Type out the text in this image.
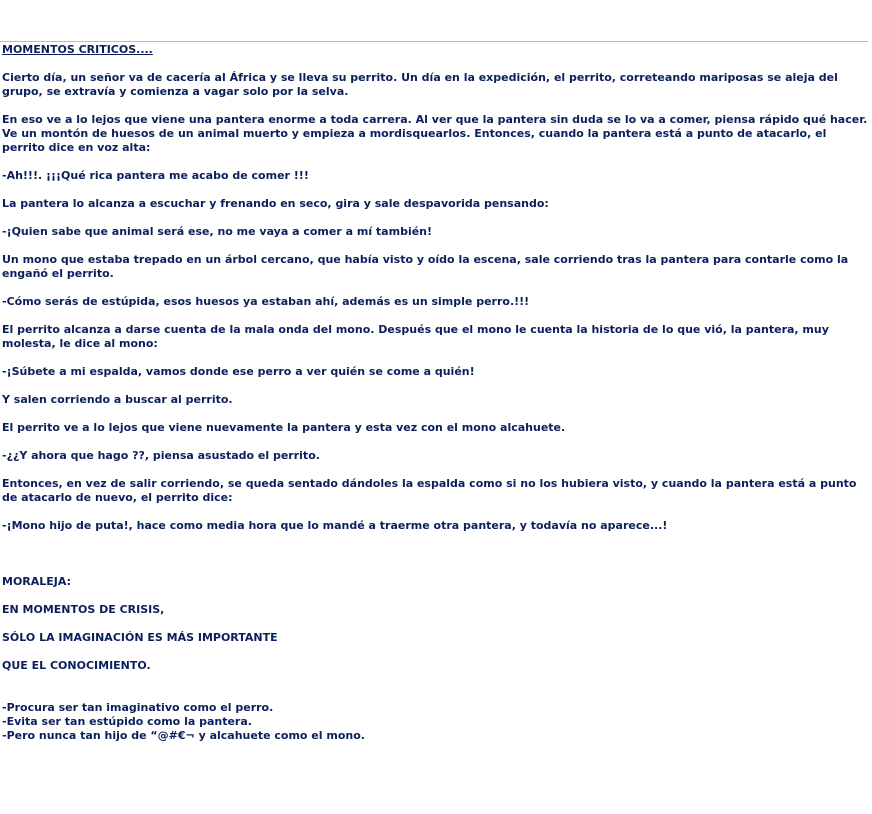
MOMENTOS CRITICOS....
Cierto día, un señor va de cacería al África y se lleva su perrito. Un día en la expedición, el perrito, correteando mariposas se aleja del grupo, se extravía y comienza a vagar solo por la selva.
En eso ve a lo lejos que viene una pantera enorme a toda carrera. Al ver que la pantera sin duda se lo va a comer, piensa rápido qué hacer. Ve un montón de huesos de un animal muerto y empieza a mordisquearlos. Entonces, cuando la pantera está a punto de atacarlo, el perrito dice en voz alta:
-Ah!!!. ¡¡¡Qué rica pantera me acabo de comer !!!
La pantera lo alcanza a escuchar y frenando en seco, gira y sale despavorida pensando:
-¡Quien sabe que animal será ese, no me vaya a comer a mí también!
Un mono que estaba trepado en un árbol cercano, que había visto y oído la escena, sale corriendo tras la pantera para contarle como la engañó el perrito.
-Cómo serás de estúpida, esos huesos ya estaban ahí, además es un simple perro.!!!
El perrito alcanza a darse cuenta de la mala onda del mono. Después que el mono le cuenta la historia de lo que vió, la pantera, muy molesta, le dice al mono:
-¡Súbete a mi espalda, vamos donde ese perro a ver quién se come a quién!
Y salen corriendo a buscar al perrito.
El perrito ve a lo lejos que viene nuevamente la pantera y esta vez con el mono alcahuete.
-¿¿Y ahora que hago ??, piensa asustado el perrito.
Entonces, en vez de salir corriendo, se queda sentado dándoles la espalda como si no los hubiera visto, y cuando la pantera está a punto de atacarlo de nuevo, el perrito dice:
-¡Mono hijo de puta!, hace como media hora que lo mandé a traerme otra pantera, y todavía no aparece...!
MORALEJA:
EN MOMENTOS DE CRISIS,
SÓLO LA IMAGINACIÓN ES MÁS IMPORTANTE
QUE EL CONOCIMIENTO.
-Procura ser tan imaginativo como el perro.
-Evita ser tan estúpido como la pantera.
-Pero nunca tan hijo de “@#€¬ y alcahuete como el mono.
